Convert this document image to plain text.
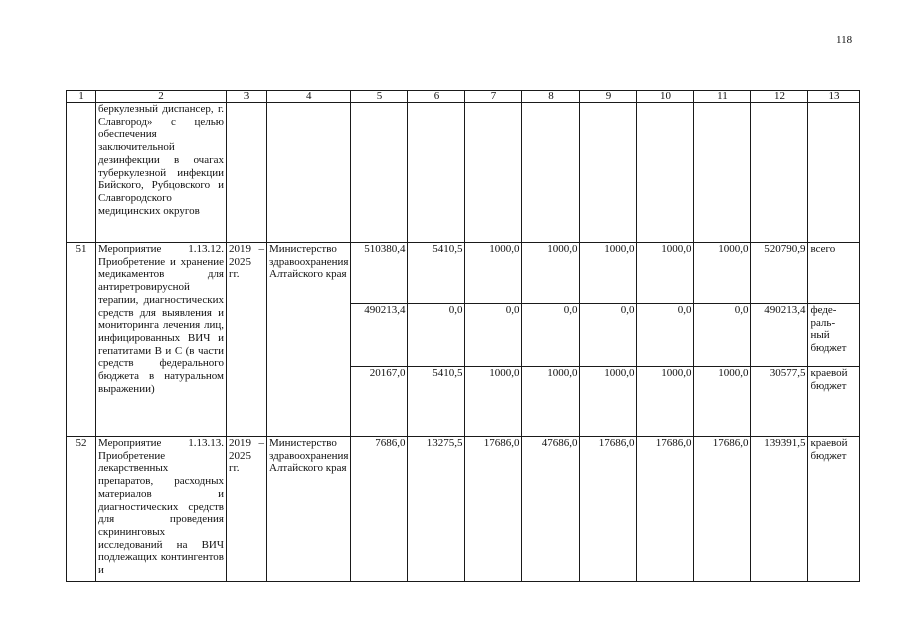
118
1	2	3	4	5	6	7	8	9	10	11	12	13
	беркулезный диспансер, г. Славгород» с целью обеспечения заключительной дезинфекции в очагах туберкулезной инфекции Бийского, Рубцовского и Славгородского медицинских округов											
51	Мероприятие 1.13.12. Приобретение и хранение медикаментов для антиретровирусной терапии, диагностических средств для выявления и мониторинга лечения лиц, инфицированных ВИЧ и гепатитами В и С (в части средств федерального бюджета в натуральном выражении)	2019 – 2025 гг.	Министерство здравоохранения Алтайского края	510380,4	5410,5	1000,0	1000,0	1000,0	1000,0	1000,0	520790,9	всего
				490213,4	0,0	0,0	0,0	0,0	0,0	0,0	490213,4	феде-
раль-
ный
бюджет
				20167,0	5410,5	1000,0	1000,0	1000,0	1000,0	1000,0	30577,5	краевой
бюджет
52	Мероприятие 1.13.13. Приобретение лекарственных препаратов, расходных материалов и диагностических средств для проведения скрининговых исследований на ВИЧ подлежащих контингентов и	2019 – 2025 гг.	Министерство здравоохранения Алтайского края	7686,0	13275,5	17686,0	47686,0	17686,0	17686,0	17686,0	139391,5	краевой
бюджет
